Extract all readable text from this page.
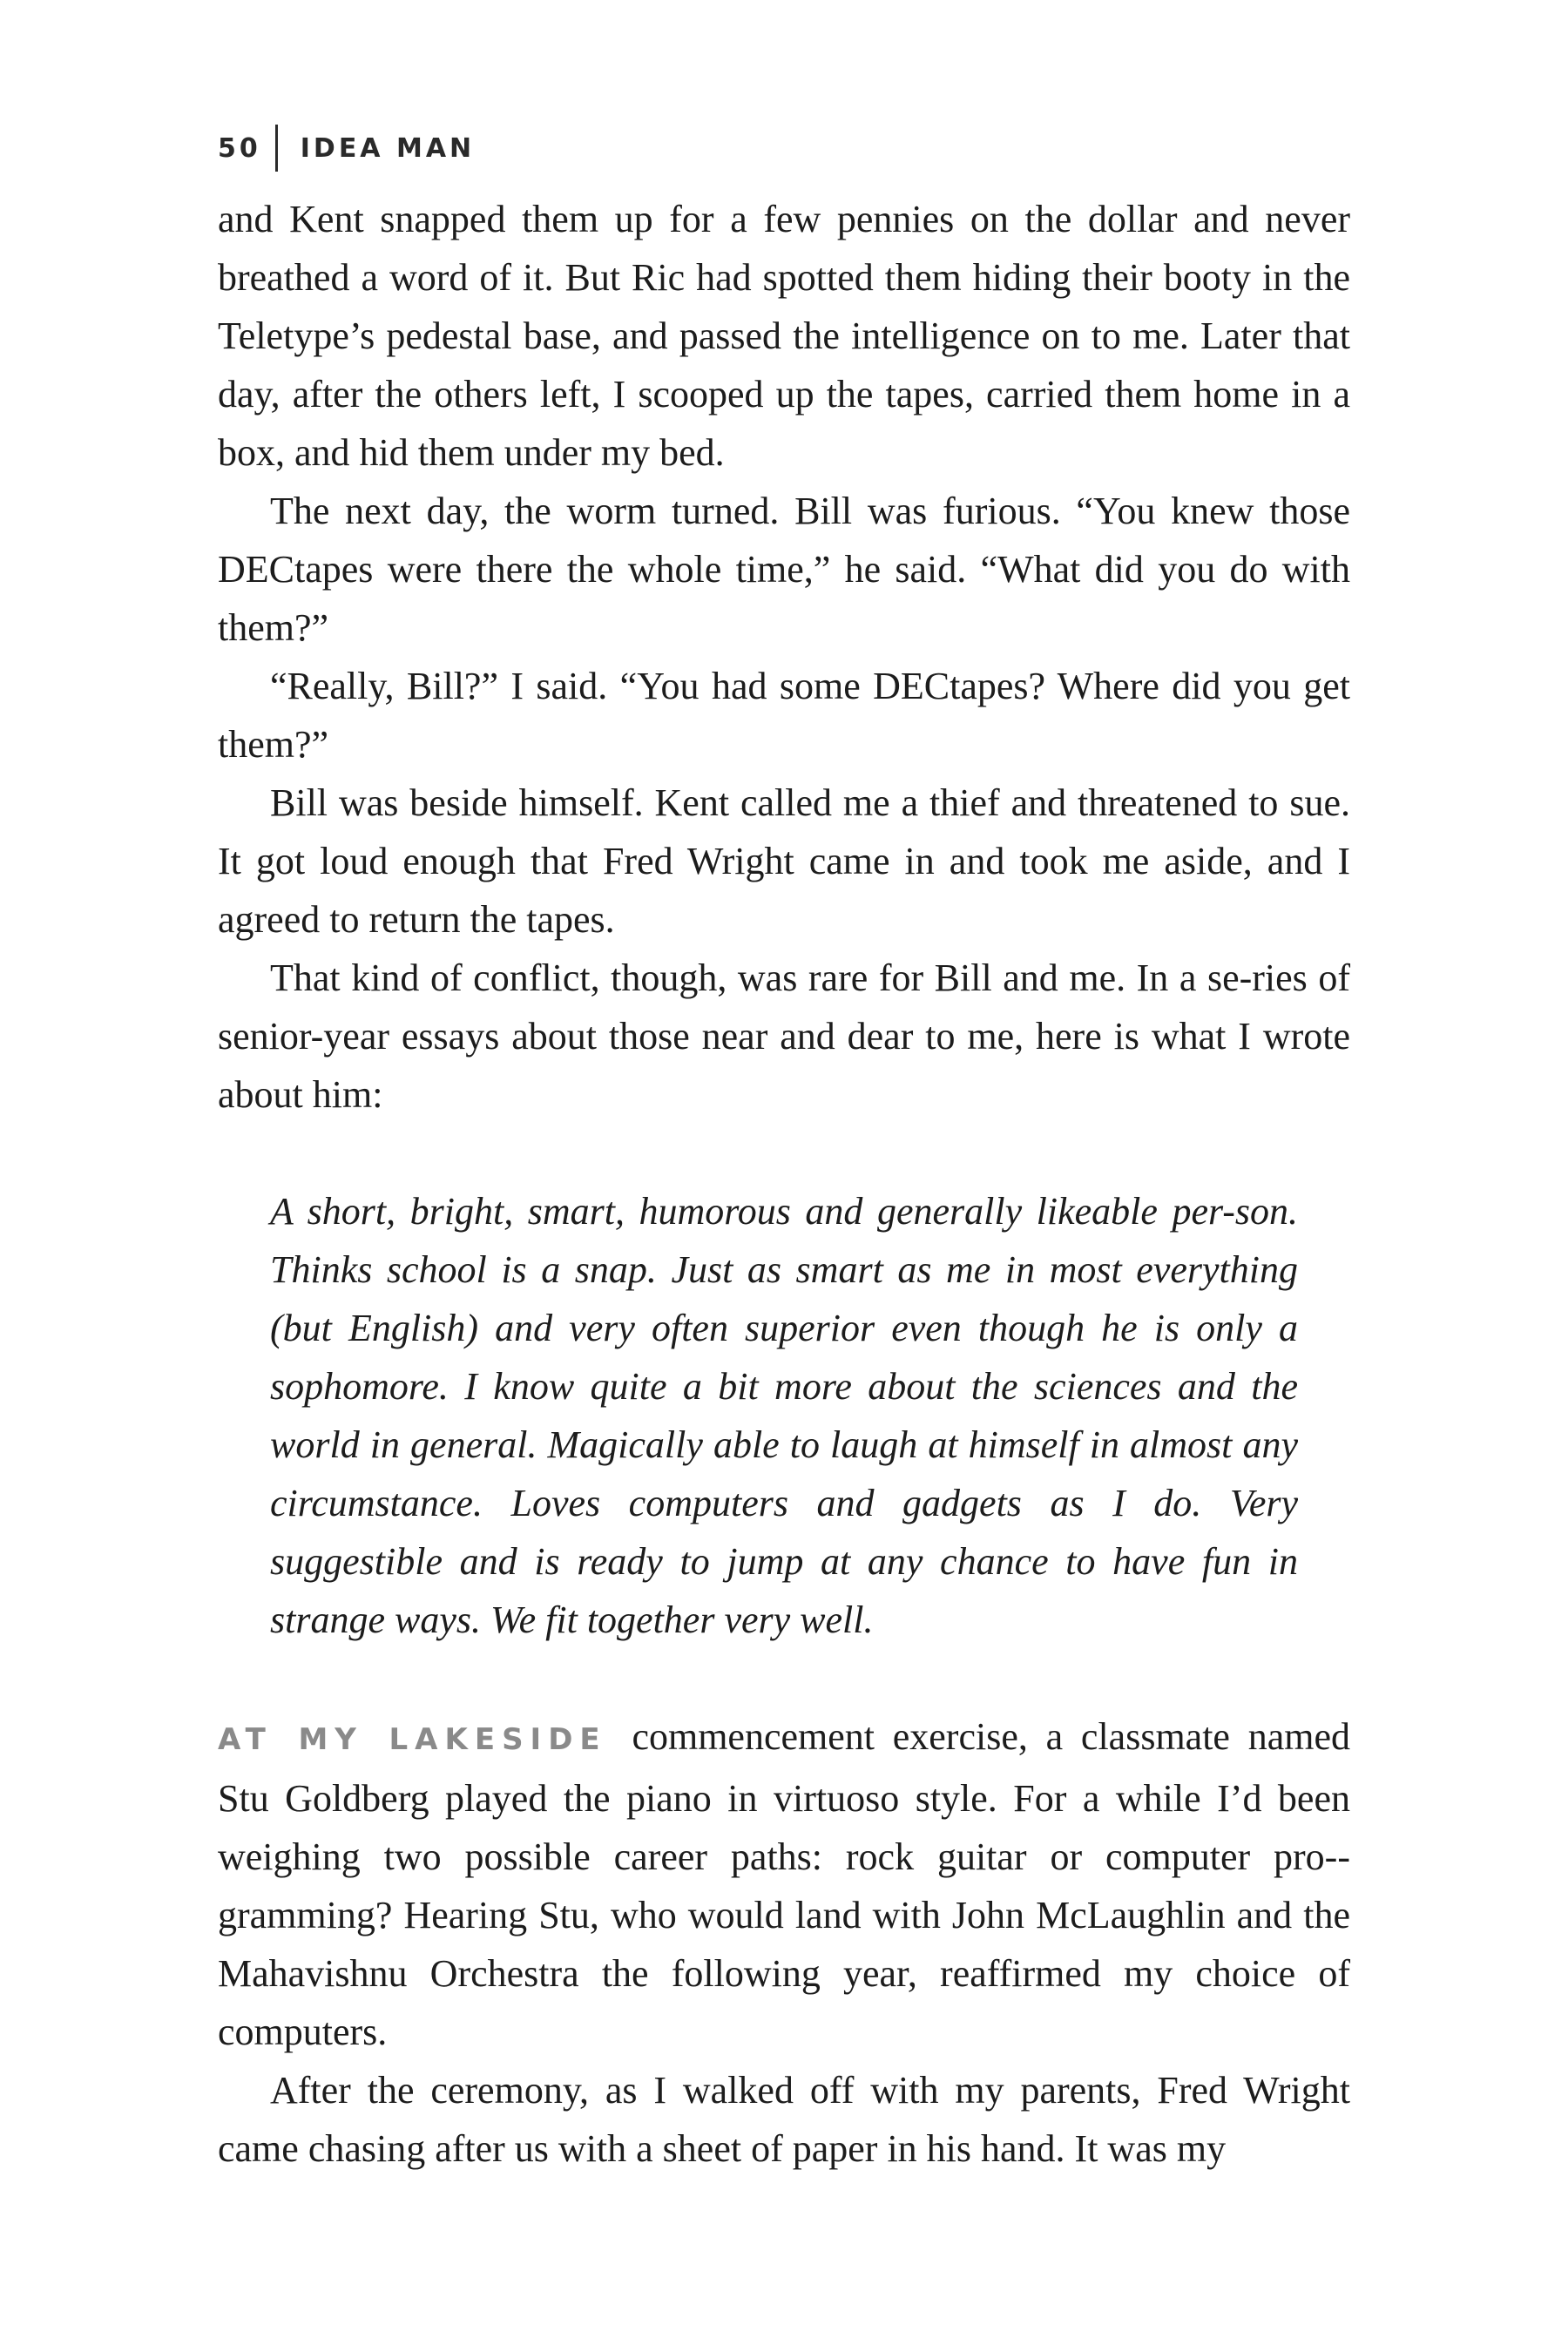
50 IDEA MAN

and Kent snapped them up for a few pennies on the dollar and never breathed a word of it. But Ric had spotted them hiding their booty in the Teletype’s pedestal base, and passed the intelligence on to me. Later that day, after the others left, I scooped up the tapes, carried them home in a box, and hid them under my bed.

The next day, the worm turned. Bill was furious. “You knew those DECtapes were there the whole time,” he said. “What did you do with them?”

“Really, Bill?” I said. “You had some DECtapes? Where did you get them?”

Bill was beside himself. Kent called me a thief and threatened to sue. It got loud enough that Fred Wright came in and took me aside, and I agreed to return the tapes.

That kind of conflict, though, was rare for Bill and me. In a se-ries of senior-year essays about those near and dear to me, here is what I wrote about him:

A short, bright, smart, humorous and generally likeable per-son. Thinks school is a snap. Just as smart as me in most everything (but English) and very often superior even though he is only a sophomore. I know quite a bit more about the sciences and the world in general. Magically able to laugh at himself in almost any circumstance. Loves computers and gadgets as I do. Very suggestible and is ready to jump at any chance to have fun in strange ways. We fit together very well.

AT MY LAKESIDE commencement exercise, a classmate named Stu Goldberg played the piano in virtuoso style. For a while I’d been weighing two possible career paths: rock guitar or computer pro-gramming? Hearing Stu, who would land with John McLaughlin and the Mahavishnu Orchestra the following year, reaffirmed my choice of computers.

After the ceremony, as I walked off with my parents, Fred Wright came chasing after us with a sheet of paper in his hand. It was my
